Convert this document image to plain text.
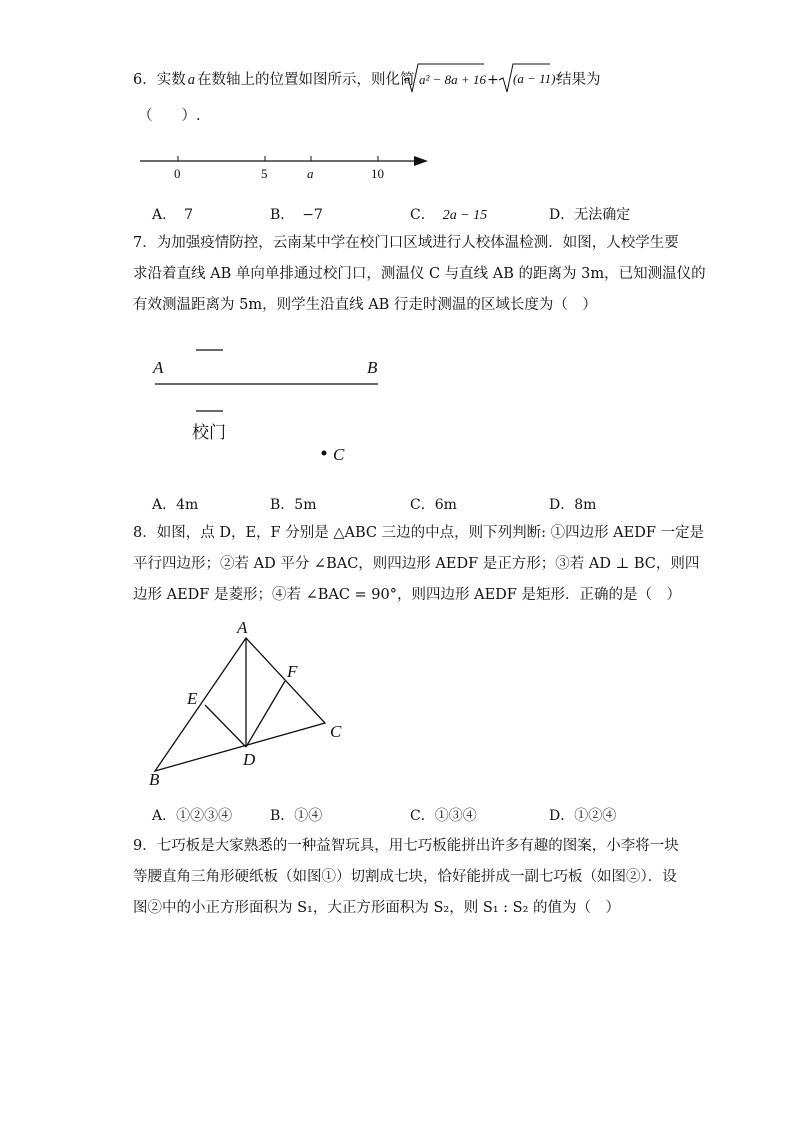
6．实数 a 在数轴上的位置如图所示，则化简 a² − 8a + 16 + (a − 11)²
结果为
（　　）.
0	5	a	10
A． 7	B． −7	C． 2a − 15	D．无法确定
7．为加强疫情防控，云南某中学在校门口区域进行人校体温检测．如图，人校学生要
求沿着直线 AB 单向单排通过校门口，测温仪 C 与直线 AB 的距离为 3m，已知测温仪的
有效测温距离为 5m，则学生沿直线 AB 行走时测温的区域长度为（　）
A	B
校门
C
A．4m	B．5m	C．6m	D．8m
8．如图，点 D，E，F 分别是 △ABC 三边的中点，则下列判断: ①四边形 AEDF 一定是
平行四边形；②若 AD 平分 ∠BAC，则四边形 AEDF 是正方形；③若 AD ⊥ BC，则四
边形 AEDF 是菱形；④若 ∠BAC = 90°，则四边形 AEDF 是矩形．正确的是（　）
A
F
E
C
D
B
A．①②③④	B．①④	C．①③④	D．①②④
9．七巧板是大家熟悉的一种益智玩具，用七巧板能拼出许多有趣的图案，小李将一块
等腰直角三角形硬纸板（如图①）切割成七块，恰好能拼成一副七巧板（如图②）．设
图②中的小正方形面积为 S₁，大正方形面积为 S₂，则 S₁ : S₂ 的值为（　）
